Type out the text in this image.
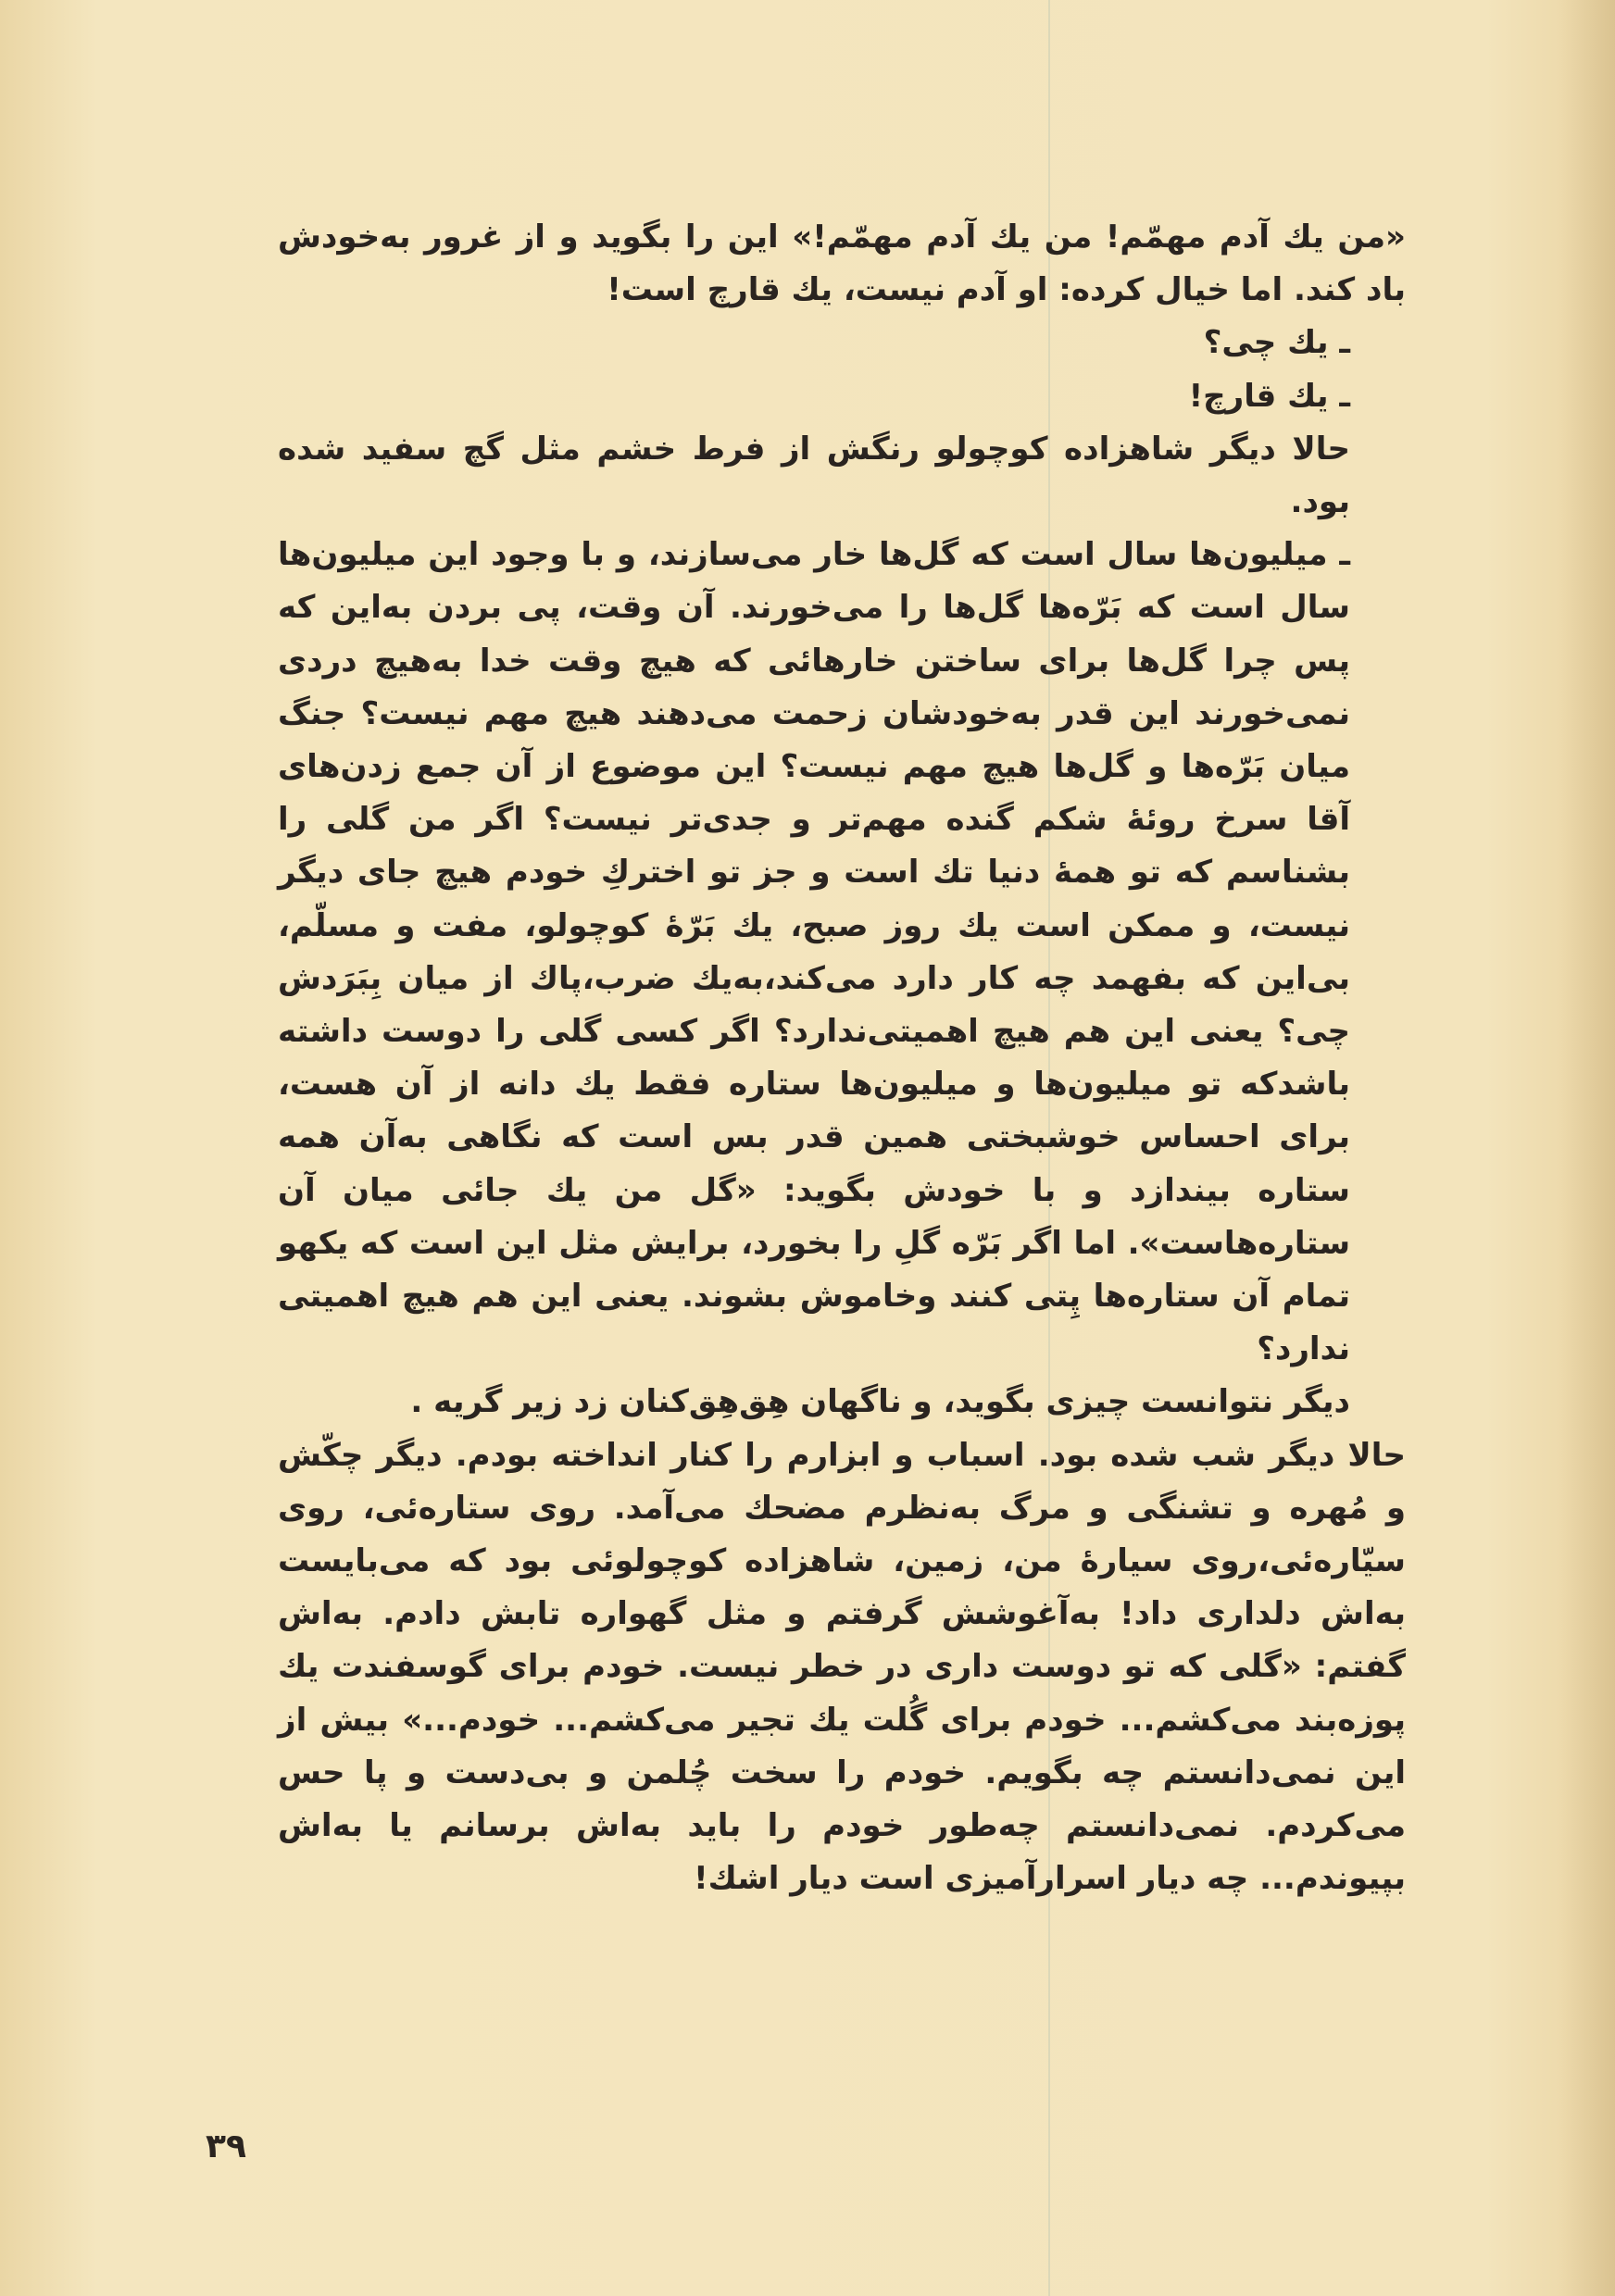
«من يك آدم مهمّم! من يك آدم مهمّم!» اين را بگويد و از غرور به‌خودش باد كند. اما خيال كرده: او آدم نيست، يك قارچ است!

ـ يك چى؟

ـ يك قارچ!

حالا ديگر شاهزاده كوچولو رنگش از فرط خشم مثل گچ سفيد شده بود.

ـ ميليون‌ها سال است كه گل‌ها خار مى‌سازند، و با وجود اين ميليون‌ها سال است كه بَرّه‌ها گل‌ها را مى‌خورند. آن وقت، پى بردن به‌اين كه پس چرا گل‌ها براى ساختن خارهائى كه هيچ وقت خدا به‌هيچ دردى نمى‌خورند اين قدر به‌خودشان زحمت مى‌دهند هيچ مهم نيست؟ جنگ ميان بَرّه‌ها و گل‌ها هيچ مهم نيست؟ اين موضوع از آن جمع زدن‌هاى آقا سرخ روئهٔ شكم گنده مهم‌تر و جدى‌تر نيست؟ اگر من گلى را بشناسم كه تو همهٔ دنيا تك است و جز تو اختركِ خودم هيچ جاى ديگر نيست، و ممكن است يك روز صبح، يك بَرّهٔ كوچولو، مفت و مسلّم، بى‌اين كه بفهمد چه كار دارد مى‌كند،به‌يك ضرب،پاك از ميان بِبَرَدش چى؟ يعنى اين هم هيچ اهميتى‌ندارد؟ اگر كسى گلى را دوست داشته باشدكه تو ميليون‌ها و ميليون‌ها ستاره فقط يك دانه از آن هست، براى احساس خوشبختى همين قدر بس است كه نگاهى به‌آن همه ستاره بيندازد و با خودش بگويد: «گل من يك جائى ميان آن ستاره‌هاست». اما اگر بَرّه گلِ را بخورد، برايش مثل اين است كه يكهو تمام آن ستاره‌ها پِتى كنند وخاموش بشوند. يعنى اين هم هيچ اهميتى ندارد؟

ديگر نتوانست چيزى بگويد، و ناگهان هِق‌هِق‌كنان زد زير گريه .

حالا ديگر شب شده بود. اسباب و ابزارم را كنار انداخته بودم. ديگر چكّش و مُهره و تشنگى و مرگ به‌نظرم مضحك مى‌آمد. روى ستاره‌ئى، روى سيّاره‌ئى،روى سيارهٔ من، زمين، شاهزاده كوچولوئى بود كه مى‌بايست به‌اش دلدارى داد! به‌آغوشش گرفتم و مثل گهواره تابش دادم. به‌اش گفتم: «گلى كه تو دوست دارى در خطر نيست. خودم براى گوسفندت يك پوزه‌بند مى‌كشم... خودم براى گُلت يك تجير مى‌كشم... خودم...» بيش از اين نمى‌دانستم چه بگويم. خودم را سخت چُلمن و بى‌دست و پا حس مى‌كردم. نمى‌دانستم چه‌طور خودم را بايد به‌اش برسانم يا به‌اش بپيوندم... چه ديار اسرارآميزى است ديار اشك!

۳۹
